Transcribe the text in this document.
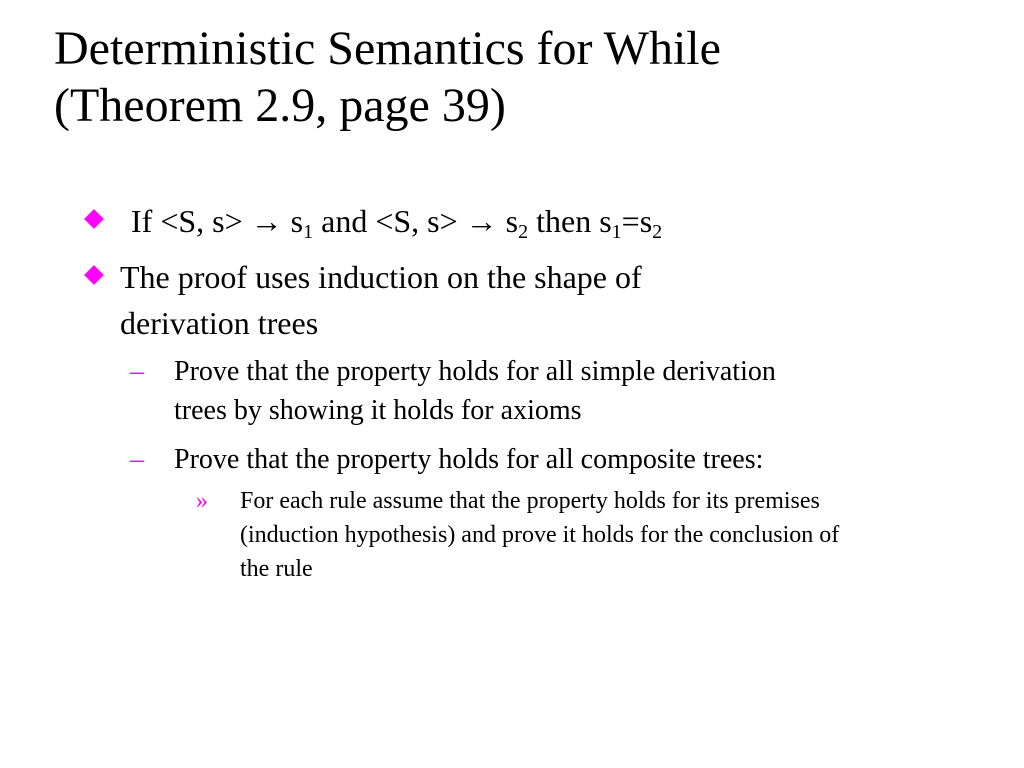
Deterministic Semantics for While
(Theorem 2.9, page 39)
If <S, $s> \to s_1$ and <S, $s> \to s_2$ then $s_1=s_2$
The proof uses induction on the shape of
derivation trees
– Prove that the property holds for all simple derivation
trees by showing it holds for axioms
– Prove that the property holds for all composite trees:
» For each rule assume that the property holds for its premises
(induction hypothesis) and prove it holds for the conclusion of
the rule
